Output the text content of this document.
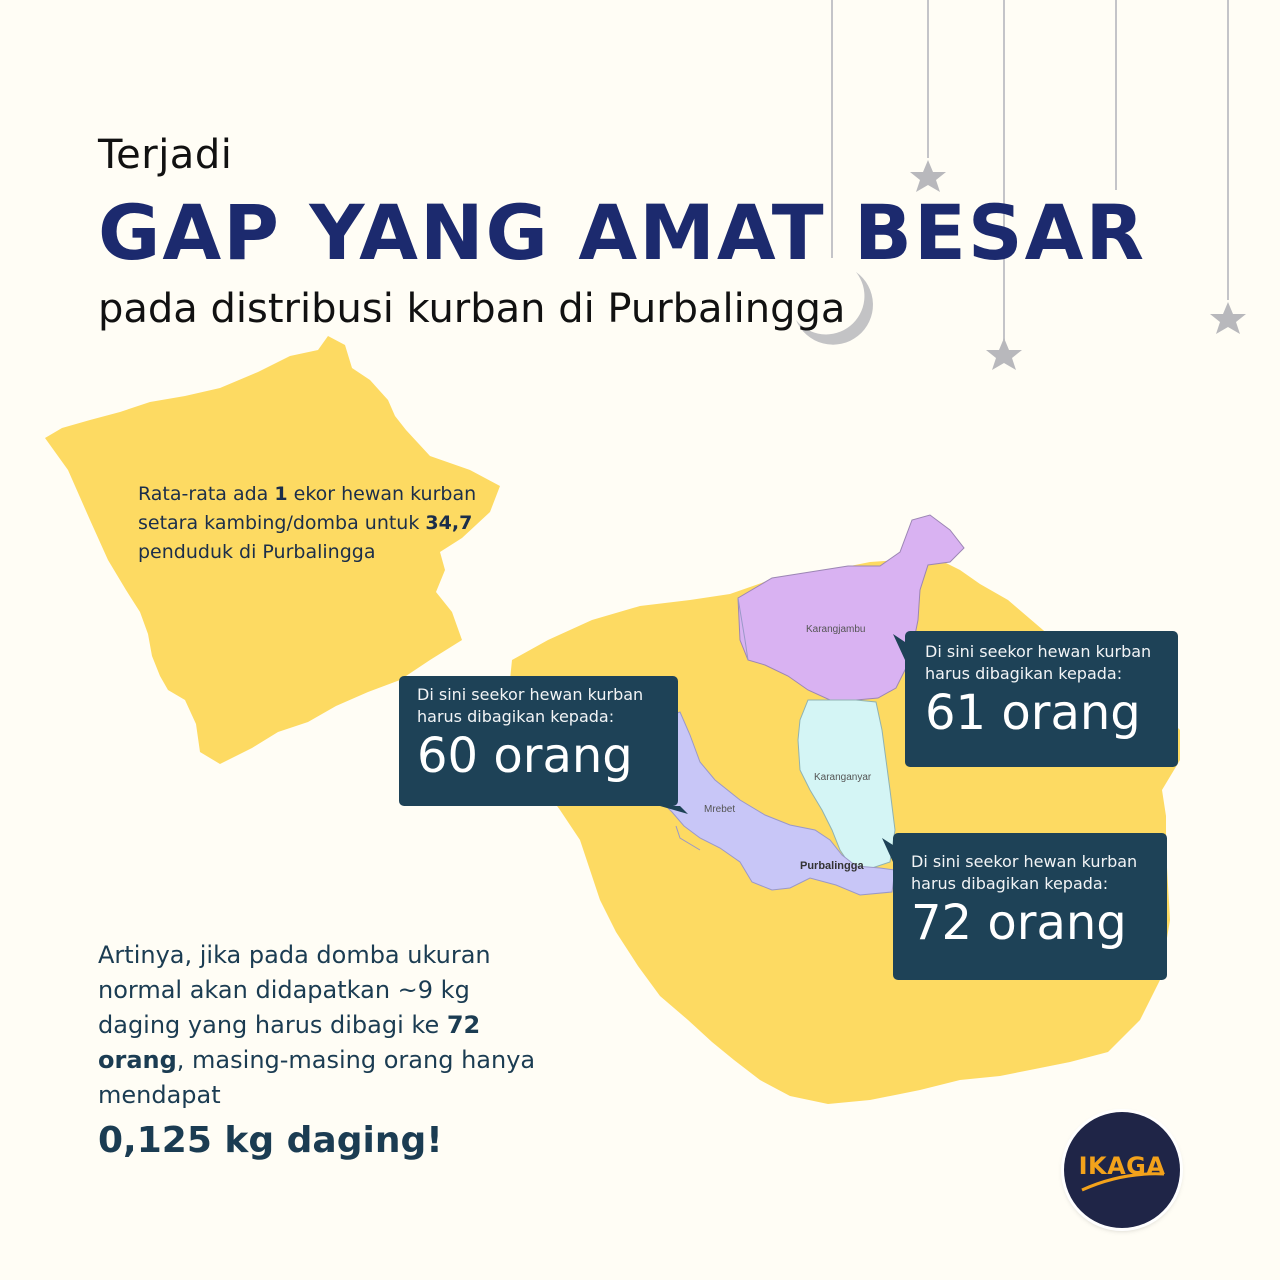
Karangjambu
Karanganyar
Mrebet
Purbalingga
Terjadi
GAP YANG AMAT BESAR
pada distribusi kurban di Purbalingga
Rata-rata ada 1 ekor hewan kurban setara kambing/domba untuk 34,7 penduduk di Purbalingga
Di sini seekor hewan kurban harus dibagikan kepada:
60 orang
Di sini seekor hewan kurban harus dibagikan kepada:
61 orang
Di sini seekor hewan kurban harus dibagikan kepada:
72 orang
Artinya, jika pada domba ukuran normal akan didapatkan ~9 kg daging yang harus dibagi ke 72 orang, masing-masing orang hanya mendapat
0,125 kg daging!
IKAGA
